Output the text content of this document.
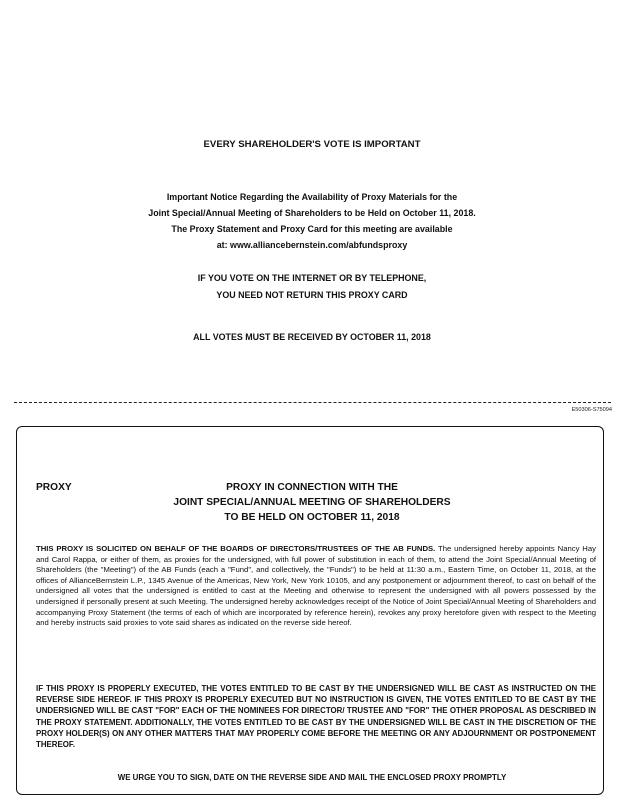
EVERY SHAREHOLDER'S VOTE IS IMPORTANT
Important Notice Regarding the Availability of Proxy Materials for the
Joint Special/Annual Meeting of Shareholders to be Held on October 11, 2018.
The Proxy Statement and Proxy Card for this meeting are available
at: www.alliancebernstein.com/abfundsproxy
IF YOU VOTE ON THE INTERNET OR BY TELEPHONE,
YOU NEED NOT RETURN THIS PROXY CARD
ALL VOTES MUST BE RECEIVED BY OCTOBER 11, 2018
E50306-S75094
PROXY	PROXY IN CONNECTION WITH THE
JOINT SPECIAL/ANNUAL MEETING OF SHAREHOLDERS
TO BE HELD ON OCTOBER 11, 2018
THIS PROXY IS SOLICITED ON BEHALF OF THE BOARDS OF DIRECTORS/TRUSTEES OF THE AB FUNDS. The undersigned hereby appoints Nancy Hay and Carol Rappa, or either of them, as proxies for the undersigned, with full power of substitution in each of them, to attend the Joint Special/Annual Meeting of Shareholders (the "Meeting") of the AB Funds (each a "Fund", and collectively, the "Funds") to be held at 11:30 a.m., Eastern Time, on October 11, 2018, at the offices of AllianceBernstein L.P., 1345 Avenue of the Americas, New York, New York 10105, and any postponement or adjournment thereof, to cast on behalf of the undersigned all votes that the undersigned is entitled to cast at the Meeting and otherwise to represent the undersigned with all powers possessed by the undersigned if personally present at such Meeting. The undersigned hereby acknowledges receipt of the Notice of Joint Special/Annual Meeting of Shareholders and accompanying Proxy Statement (the terms of each of which are incorporated by reference herein), revokes any proxy heretofore given with respect to the Meeting and hereby instructs said proxies to vote said shares as indicated on the reverse side hereof.
IF THIS PROXY IS PROPERLY EXECUTED, THE VOTES ENTITLED TO BE CAST BY THE UNDERSIGNED WILL BE CAST AS INSTRUCTED ON THE REVERSE SIDE HEREOF. IF THIS PROXY IS PROPERLY EXECUTED BUT NO INSTRUCTION IS GIVEN, THE VOTES ENTITLED TO BE CAST BY THE UNDERSIGNED WILL BE CAST "FOR" EACH OF THE NOMINEES FOR DIRECTOR/ TRUSTEE AND "FOR" THE OTHER PROPOSAL AS DESCRIBED IN THE PROXY STATEMENT. ADDITIONALLY, THE VOTES ENTITLED TO BE CAST BY THE UNDERSIGNED WILL BE CAST IN THE DISCRETION OF THE PROXY HOLDER(S) ON ANY OTHER MATTERS THAT MAY PROPERLY COME BEFORE THE MEETING OR ANY ADJOURNMENT OR POSTPONEMENT THEREOF.
WE URGE YOU TO SIGN, DATE ON THE REVERSE SIDE AND MAIL THE ENCLOSED PROXY PROMPTLY
